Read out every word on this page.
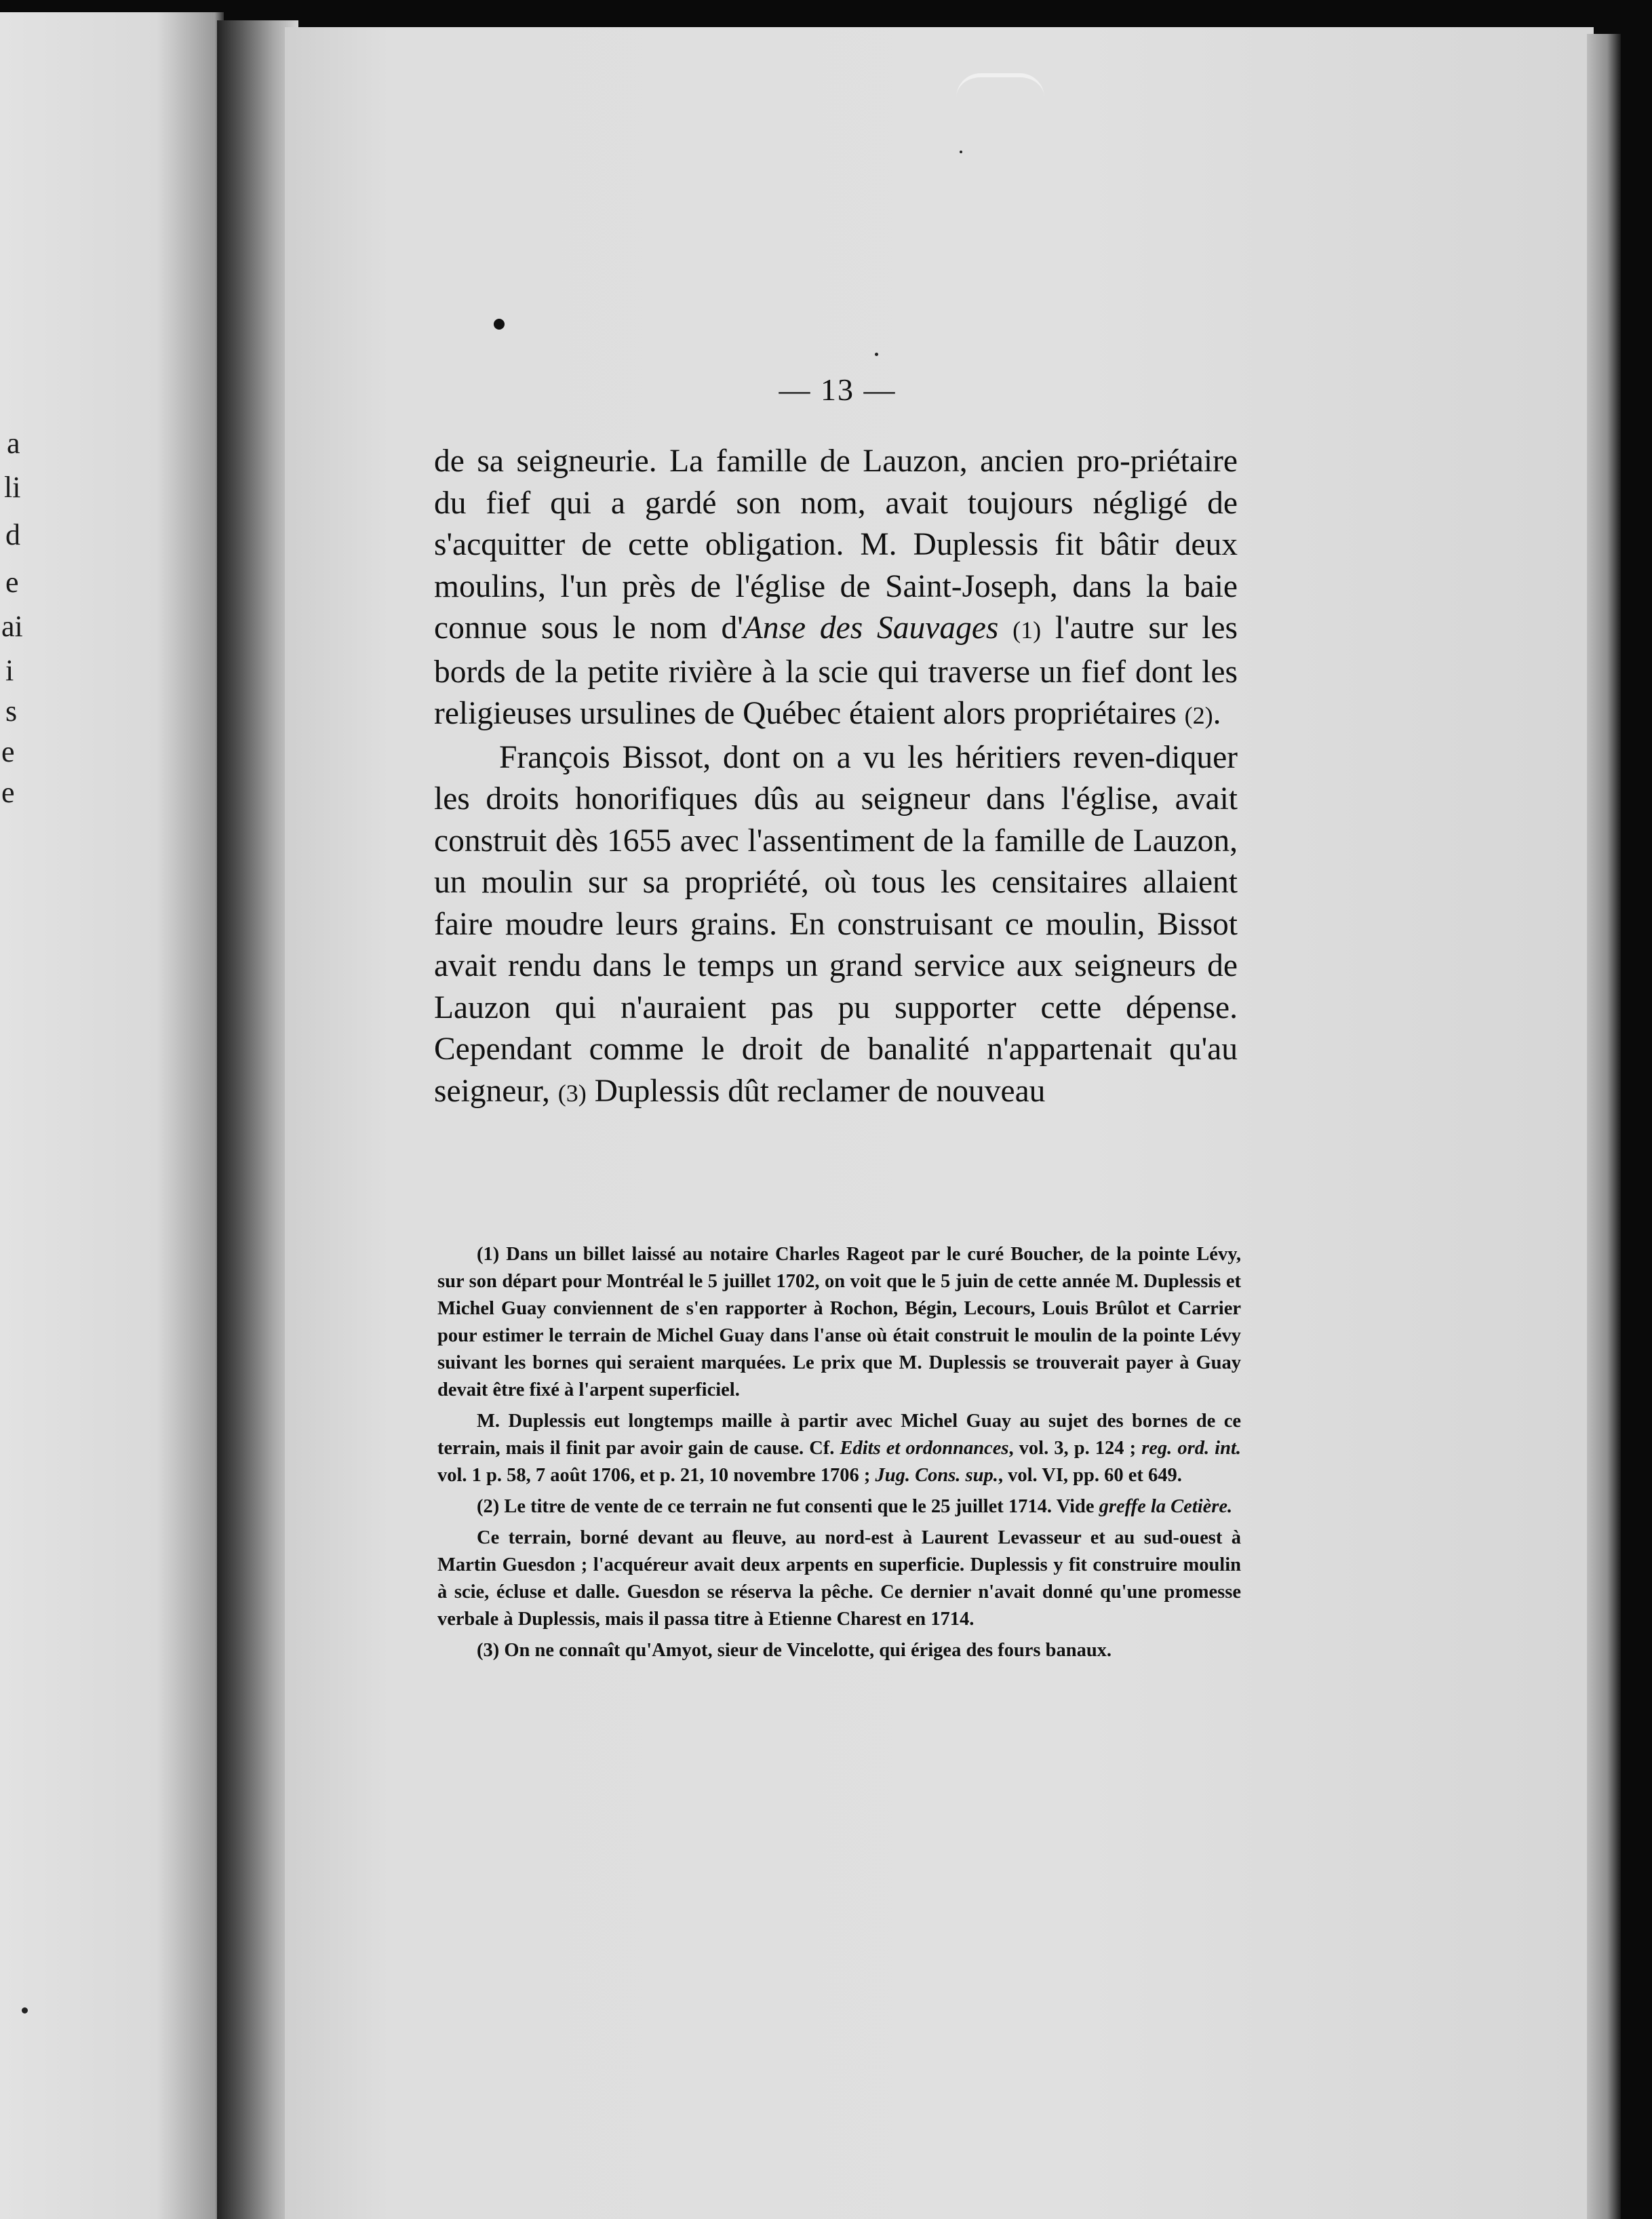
a
li
d
e
ai
i
s
e
e
— 13 —

de sa seigneurie. La famille de Lauzon, ancien pro-priétaire du fief qui a gardé son nom, avait toujours négligé de s'acquitter de cette obligation. M. Duplessis fit bâtir deux moulins, l'un près de l'église de Saint-Joseph, dans la baie connue sous le nom d'Anse des Sauvages (1) l'autre sur les bords de la petite rivière à la scie qui traverse un fief dont les religieuses ursulines de Québec étaient alors propriétaires (2).

François Bissot, dont on a vu les héritiers reven-diquer les droits honorifiques dûs au seigneur dans l'église, avait construit dès 1655 avec l'assentiment de la famille de Lauzon, un moulin sur sa propriété, où tous les censitaires allaient faire moudre leurs grains. En construisant ce moulin, Bissot avait rendu dans le temps un grand service aux seigneurs de Lauzon qui n'auraient pas pu supporter cette dépense. Cependant comme le droit de banalité n'appartenait qu'au seigneur, (3) Duplessis dût reclamer de nouveau

(1) Dans un billet laissé au notaire Charles Rageot par le curé Boucher, de la pointe Lévy, sur son départ pour Montréal le 5 juillet 1702, on voit que le 5 juin de cette année M. Duplessis et Michel Guay conviennent de s'en rapporter à Rochon, Bégin, Lecours, Louis Brûlot et Carrier pour estimer le terrain de Michel Guay dans l'anse où était construit le moulin de la pointe Lévy suivant les bornes qui seraient marquées. Le prix que M. Duplessis se trouverait payer à Guay devait être fixé à l'arpent superficiel.

M. Duplessis eut longtemps maille à partir avec Michel Guay au sujet des bornes de ce terrain, mais il finit par avoir gain de cause. Cf. Edits et ordonnances, vol. 3, p. 124 ; reg. ord. int. vol. 1 p. 58, 7 août 1706, et p. 21, 10 novembre 1706 ; Jug. Cons. sup., vol. VI, pp. 60 et 649.

(2) Le titre de vente de ce terrain ne fut consenti que le 25 juillet 1714. Vide greffe la Cetière.

Ce terrain, borné devant au fleuve, au nord-est à Laurent Levasseur et au sud-ouest à Martin Guesdon ; l'acquéreur avait deux arpents en superficie. Duplessis y fit construire moulin à scie, écluse et dalle. Guesdon se réserva la pêche. Ce dernier n'avait donné qu'une promesse verbale à Duplessis, mais il passa titre à Etienne Charest en 1714.

(3) On ne connaît qu'Amyot, sieur de Vincelotte, qui érigea des fours banaux.
